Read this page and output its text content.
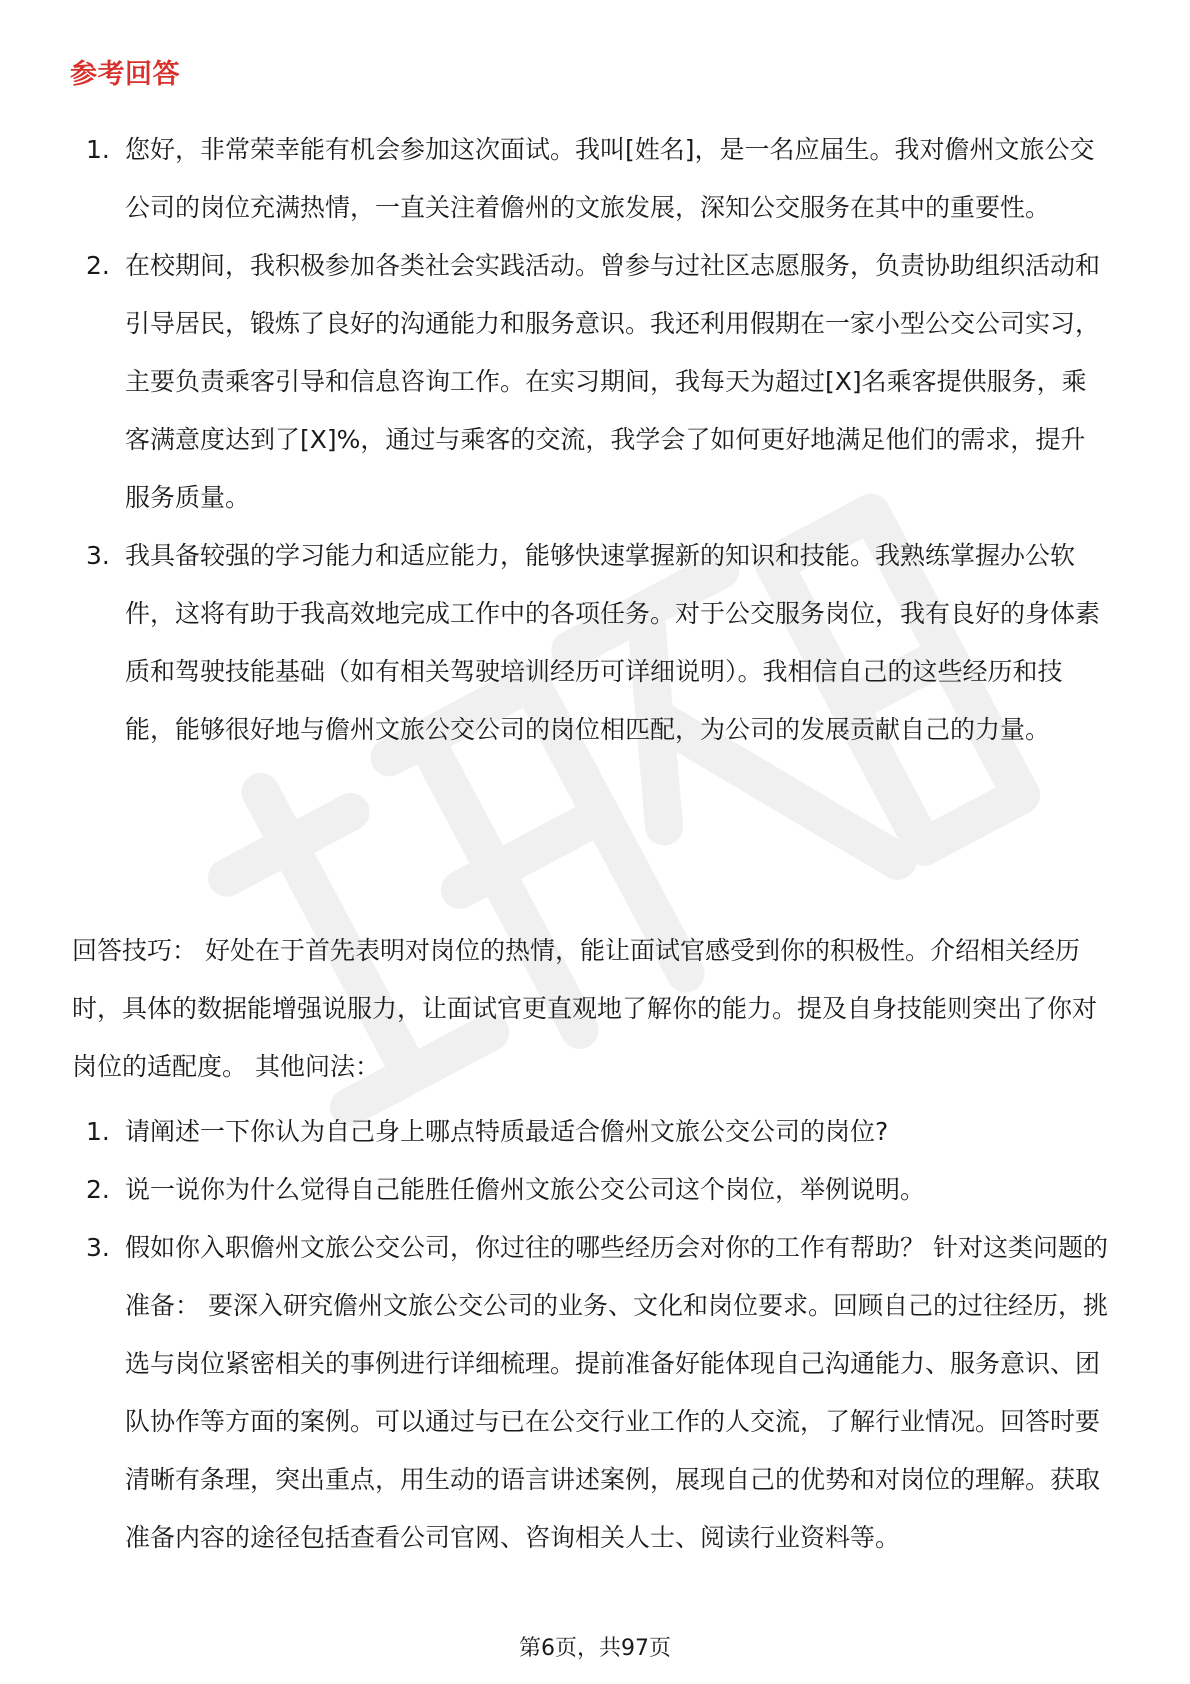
参考回答
1. 您好，非常荣幸能有机会参加这次面试。我叫[姓名]，是一名应届生。我对儋州文旅公交公司的岗位充满热情，一直关注着儋州的文旅发展，深知公交服务在其中的重要性。
2. 在校期间，我积极参加各类社会实践活动。曾参与过社区志愿服务，负责协助组织活动和引导居民，锻炼了良好的沟通能力和服务意识。我还利用假期在一家小型公交公司实习，主要负责乘客引导和信息咨询工作。在实习期间，我每天为超过[X]名乘客提供服务，乘客满意度达到了[X]%，通过与乘客的交流，我学会了如何更好地满足他们的需求，提升服务质量。
3. 我具备较强的学习能力和适应能力，能够快速掌握新的知识和技能。我熟练掌握办公软件，这将有助于我高效地完成工作中的各项任务。对于公交服务岗位，我有良好的身体素质和驾驶技能基础（如有相关驾驶培训经历可详细说明）。我相信自己的这些经历和技能，能够很好地与儋州文旅公交公司的岗位相匹配，为公司的发展贡献自己的力量。

回答技巧： 好处在于首先表明对岗位的热情，能让面试官感受到你的积极性。介绍相关经历时，具体的数据能增强说服力，让面试官更直观地了解你的能力。提及自身技能则突出了你对岗位的适配度。 其他问法：

1. 请阐述一下你认为自己身上哪点特质最适合儋州文旅公交公司的岗位?
2. 说一说你为什么觉得自己能胜任儋州文旅公交公司这个岗位，举例说明。
3. 假如你入职儋州文旅公交公司，你过往的哪些经历会对你的工作有帮助？ 针对这类问题的准备： 要深入研究儋州文旅公交公司的业务、文化和岗位要求。回顾自己的过往经历，挑选与岗位紧密相关的事例进行详细梳理。提前准备好能体现自己沟通能力、服务意识、团队协作等方面的案例。可以通过与已在公交行业工作的人交流，了解行业情况。回答时要清晰有条理，突出重点，用生动的语言讲述案例，展现自己的优势和对岗位的理解。获取准备内容的途径包括查看公司官网、咨询相关人士、阅读行业资料等。
第6页，共97页
